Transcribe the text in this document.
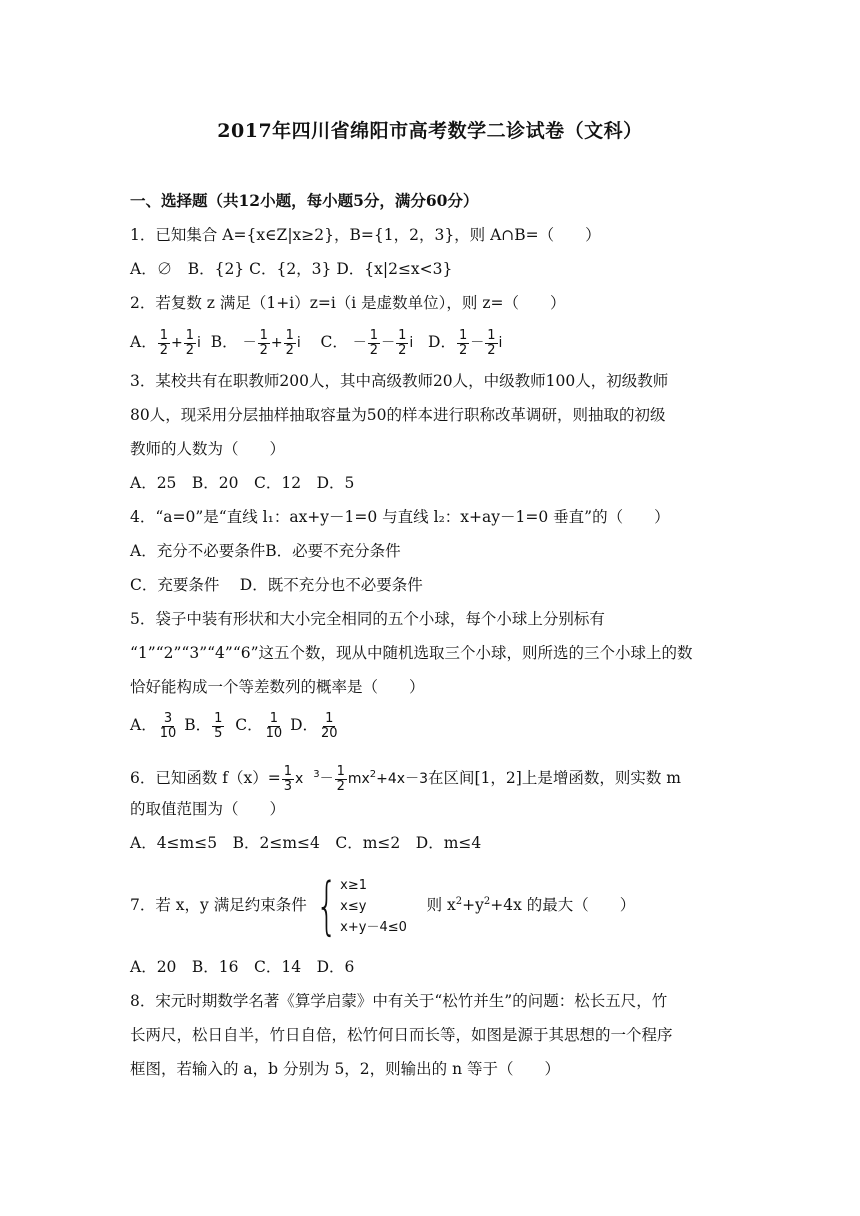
2017年四川省绵阳市高考数学二诊试卷（文科）
一、选择题（共12小题，每小题5分，满分60分）
1．已知集合 A={x∈Z|x≥2}，B={1，2，3}，则 A∩B=（　　）
A．∅　B．{2} C．{2，3} D．{x|2≤x<3}
2．若复数 z 满足（1+i）z=i（i 是虚数单位），则 z=（　　）
A． $\frac{1}{2} + \frac{1}{2}$ i B． － $\frac{1}{2} + \frac{1}{2}$ i C． － $\frac{1}{2} - \frac{1}{2}$ i D． $\frac{1}{2} - \frac{1}{2}$ i
3．某校共有在职教师200人，其中高级教师20人，中级教师100人，初级教师
80人，现采用分层抽样抽取容量为50的样本进行职称改革调研，则抽取的初级
教师的人数为（　　）
A．25　B．20　C．12　D．5
4．“a=0”是“直线 l₁：ax+y－1=0 与直线 l₂：x+ay－1=0 垂直”的（　　）
A．充分不必要条件B．必要不充分条件
C．充要条件　 D．既不充分也不必要条件
5．袋子中装有形状和大小完全相同的五个小球，每个小球上分别标有
“1”“2”“3”“4”“6”这五个数，现从中随机选取三个小球，则所选的三个小球上的数
恰好能构成一个等差数列的概率是（　　）
A． $\frac{3}{10}$ B． $\frac{1}{5}$ C． $\frac{1}{10}$ D． $\frac{1}{20}$
6．已知函数 $f(x)= \frac{1}{3}$ x $^3- \frac{1}{2} mx^2+4x-3$在区间[1，2]上是增函数，则实数 m
的取值范围为（　　）
A．4≤m≤5　B．2≤m≤4　C．m≤2　D．m≤4
7．若 x，y 满足约束条件 { x≥1
x≤y
x+y－4≤0
则 $x^2+y^2+4x$ 的最大（　　）
A．20　B．16　C．14　D．6
8．宋元时期数学名著《算学启蒙》中有关于“松竹并生”的问题：松长五尺，竹
长两尺，松日自半，竹日自倍，松竹何日而长等，如图是源于其思想的一个程序
框图，若输入的 a，b 分别为 5，2，则输出的 n 等于（　　）
